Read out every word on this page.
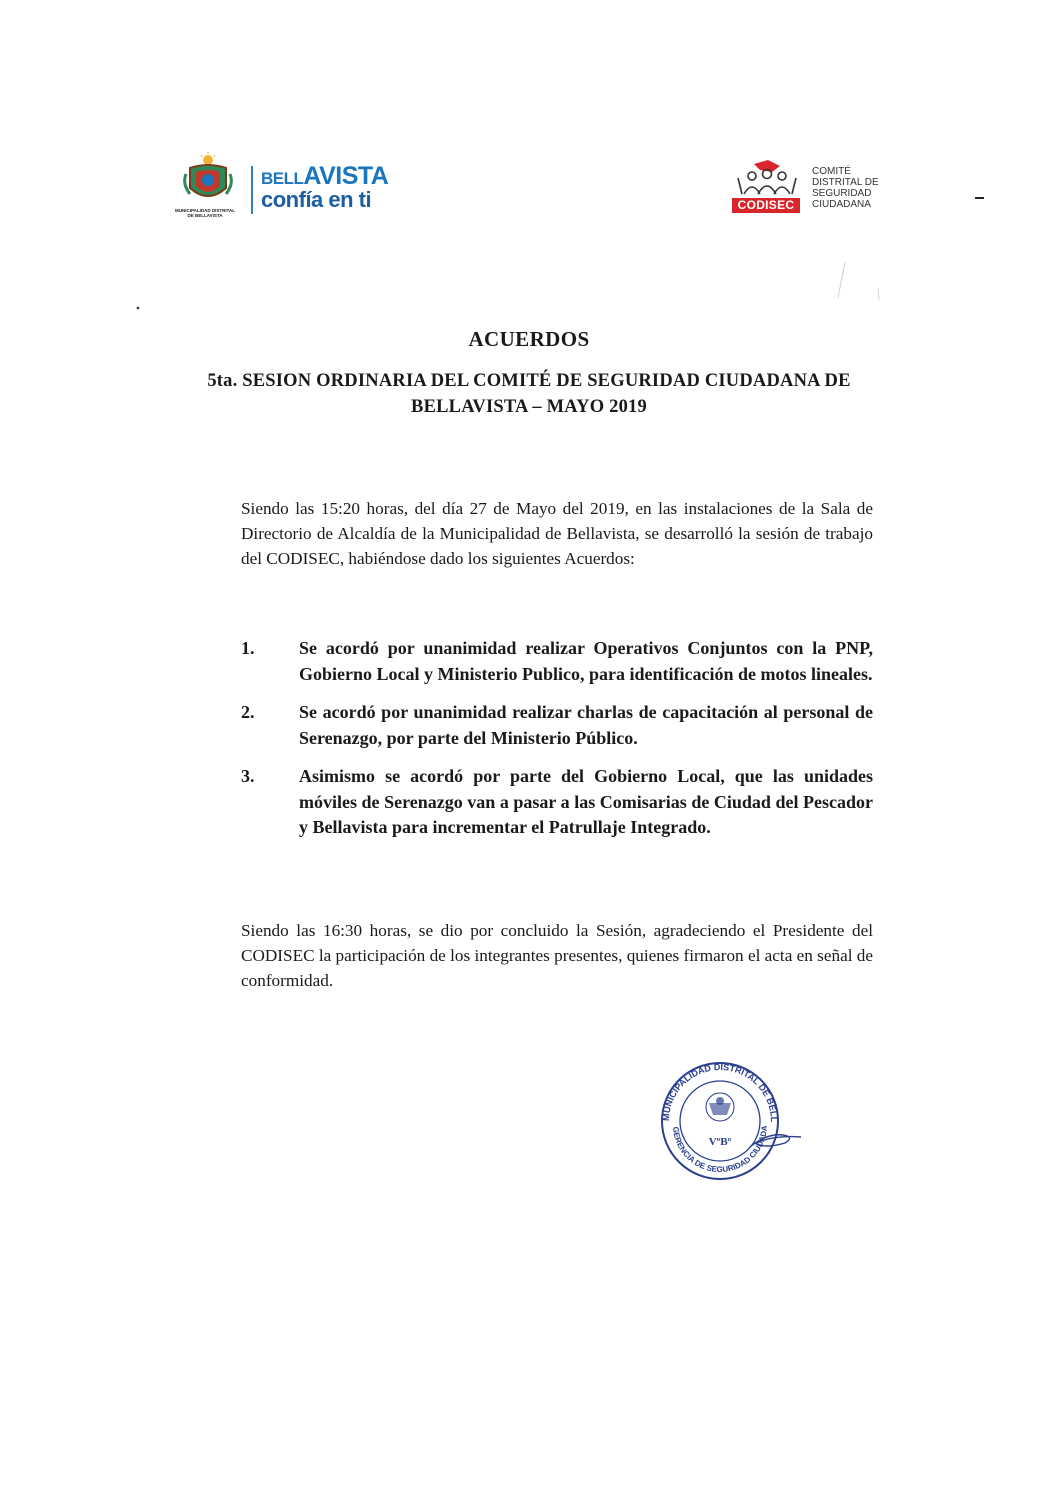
MUNICIPALIDAD DISTRITAL
DE BELLAVISTA
BELLAVISTA
confía en ti	CODISEC
COMITÉ
DISTRITAL DE
SEGURIDAD
CIUDADANA
ACUERDOS
5ta. SESION ORDINARIA DEL COMITÉ DE SEGURIDAD CIUDADANA DE
BELLAVISTA – MAYO 2019

Siendo las 15:20 horas, del día 27 de Mayo del 2019, en las instalaciones de la Sala de Directorio de Alcaldía de la Municipalidad de Bellavista, se desarrolló la sesión de trabajo del CODISEC, habiéndose dado los siguientes Acuerdos:

1.	Se acordó por unanimidad realizar Operativos Conjuntos con la PNP, Gobierno Local y Ministerio Publico, para identificación de motos lineales.
2.	Se acordó por unanimidad realizar charlas de capacitación al personal de Serenazgo, por parte del Ministerio Público.
3.	Asimismo se acordó por parte del Gobierno Local, que las unidades móviles de Serenazgo van a pasar a las Comisarias de Ciudad del Pescador y Bellavista para incrementar el Patrullaje Integrado.

Siendo las 16:30 horas, se dio por concluido la Sesión, agradeciendo el Presidente del CODISEC la participación de los integrantes presentes, quienes firmaron el acta en señal de conformidad.

MUNICIPALIDAD DISTRITAL DE BELL
GERENCIA DE SEGURIDAD CIUDADA
VºBº
